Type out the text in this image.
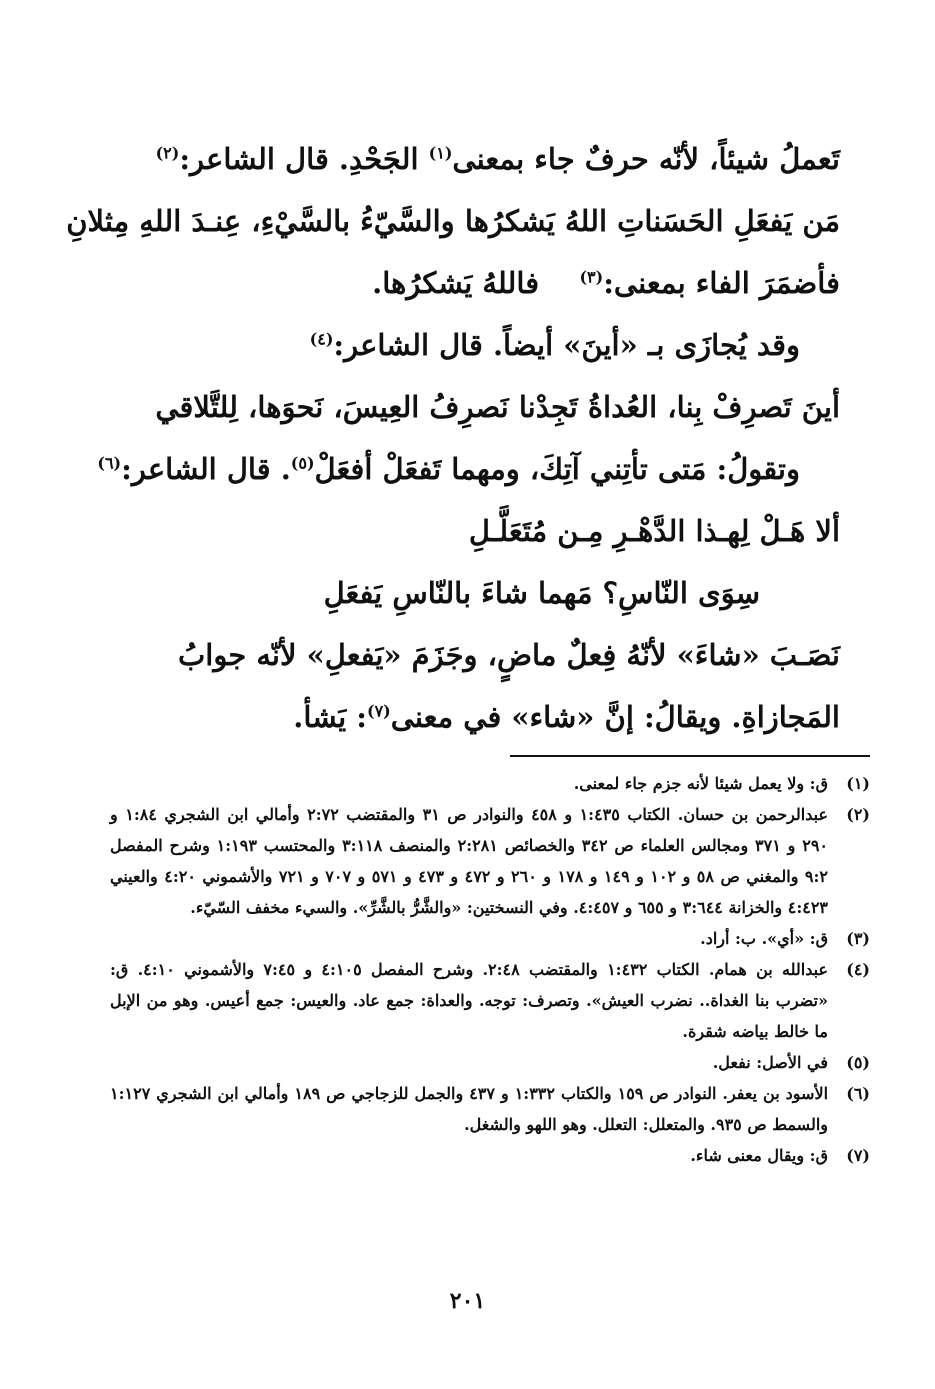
تَعملُ شيئاً، لأنّه حرفٌ جاء بمعنى$^{(١)}$ الجَحْدِ. قال الشاعر:$^{(٢)}$
مَن يَفعَلِ الحَسَناتِ اللهُ يَشكرُها والسَّيّءُ بالسَّيْءِ، عِنـدَ اللهِ مِثلانِ
فأضمَرَ الفاء بمعنى:$^{(٣)}$    فاللهُ يَشكرُها.
وقد يُجازَى بـ «أينَ» أيضاً. قال الشاعر:$^{(٤)}$
أينَ تَصرِفْ بِنا، العُداةُ تَجِدْنا نَصرِفُ العِيسَ، نَحوَها، لِلتَّلاقي
وتقولُ: مَتى تأتِني آتِكَ، ومهما تَفعَلْ أفعَلْ$^{(٥)}$. قال الشاعر:$^{(٦)}$
ألا هَـلْ لِهـذا الدَّهْـرِ مِـن مُتَعَلَّـلِ
سِوَى النّاسِ؟ مَهما شاءَ بالنّاسِ يَفعَلِ
نَصَـبَ «شاءَ» لأنّهُ فِعلٌ ماضٍ، وجَزَمَ «يَفعلِ» لأنّه جوابُ
المَجازاةِ. ويقالُ: إنَّ «شاء» في معنى$^{(٧)}$: يَشأ.
(١)
ق: ولا يعمل شيئا لأنه جزم جاء لمعنى.
(٢)
عبدالرحمن بن حسان. الكتاب ١:٤٣٥ و ٤٥٨ والنوادر ص ٣١ والمقتضب ٢:٧٢ وأمالي ابن الشجري ١:٨٤ و ٢٩٠ و ٣٧١ ومجالس العلماء ص ٣٤٢ والخصائص ٢:٢٨١ والمنصف ٣:١١٨ والمحتسب ١:١٩٣ وشرح المفصل ٩:٢ والمغني ص ٥٨ و ١٠٢ و ١٤٩ و ١٧٨ و ٢٦٠ و ٤٧٢ و ٤٧٣ و ٥٧١ و ٧٠٧ و ٧٢١ والأشموني ٤:٢٠ والعيني ٤:٤٢٣ والخزانة ٣:٦٤٤ و ٦٥٥ و ٤:٤٥٧. وفي النسختين: «والشَّرُّ بالشَّرِّ». والسيء مخفف السّيّء.
(٣)
ق: «أي». ب: أراد.
(٤)
عبدالله بن همام. الكتاب ١:٤٣٢ والمقتضب ٢:٤٨. وشرح المفصل ٤:١٠٥ و ٧:٤٥ والأشموني ٤:١٠. ق: «تضرب بنا الغداة.. نضرب العيش». وتصرف: توجه. والعداة: جمع عاد. والعيس: جمع أعيس. وهو من الإبل ما خالط بياضه شقرة.
(٥)
في الأصل: نفعل.
(٦)
الأسود بن يعفر. النوادر ص ١٥٩ والكتاب ١:٣٣٢ و ٤٣٧ والجمل للزجاجي ص ١٨٩ وأمالي ابن الشجري ١:١٢٧ والسمط ص ٩٣٥. والمتعلل: التعلل. وهو اللهو والشغل.
(٧)
ق: ويقال معنى شاء.
٢٠١
